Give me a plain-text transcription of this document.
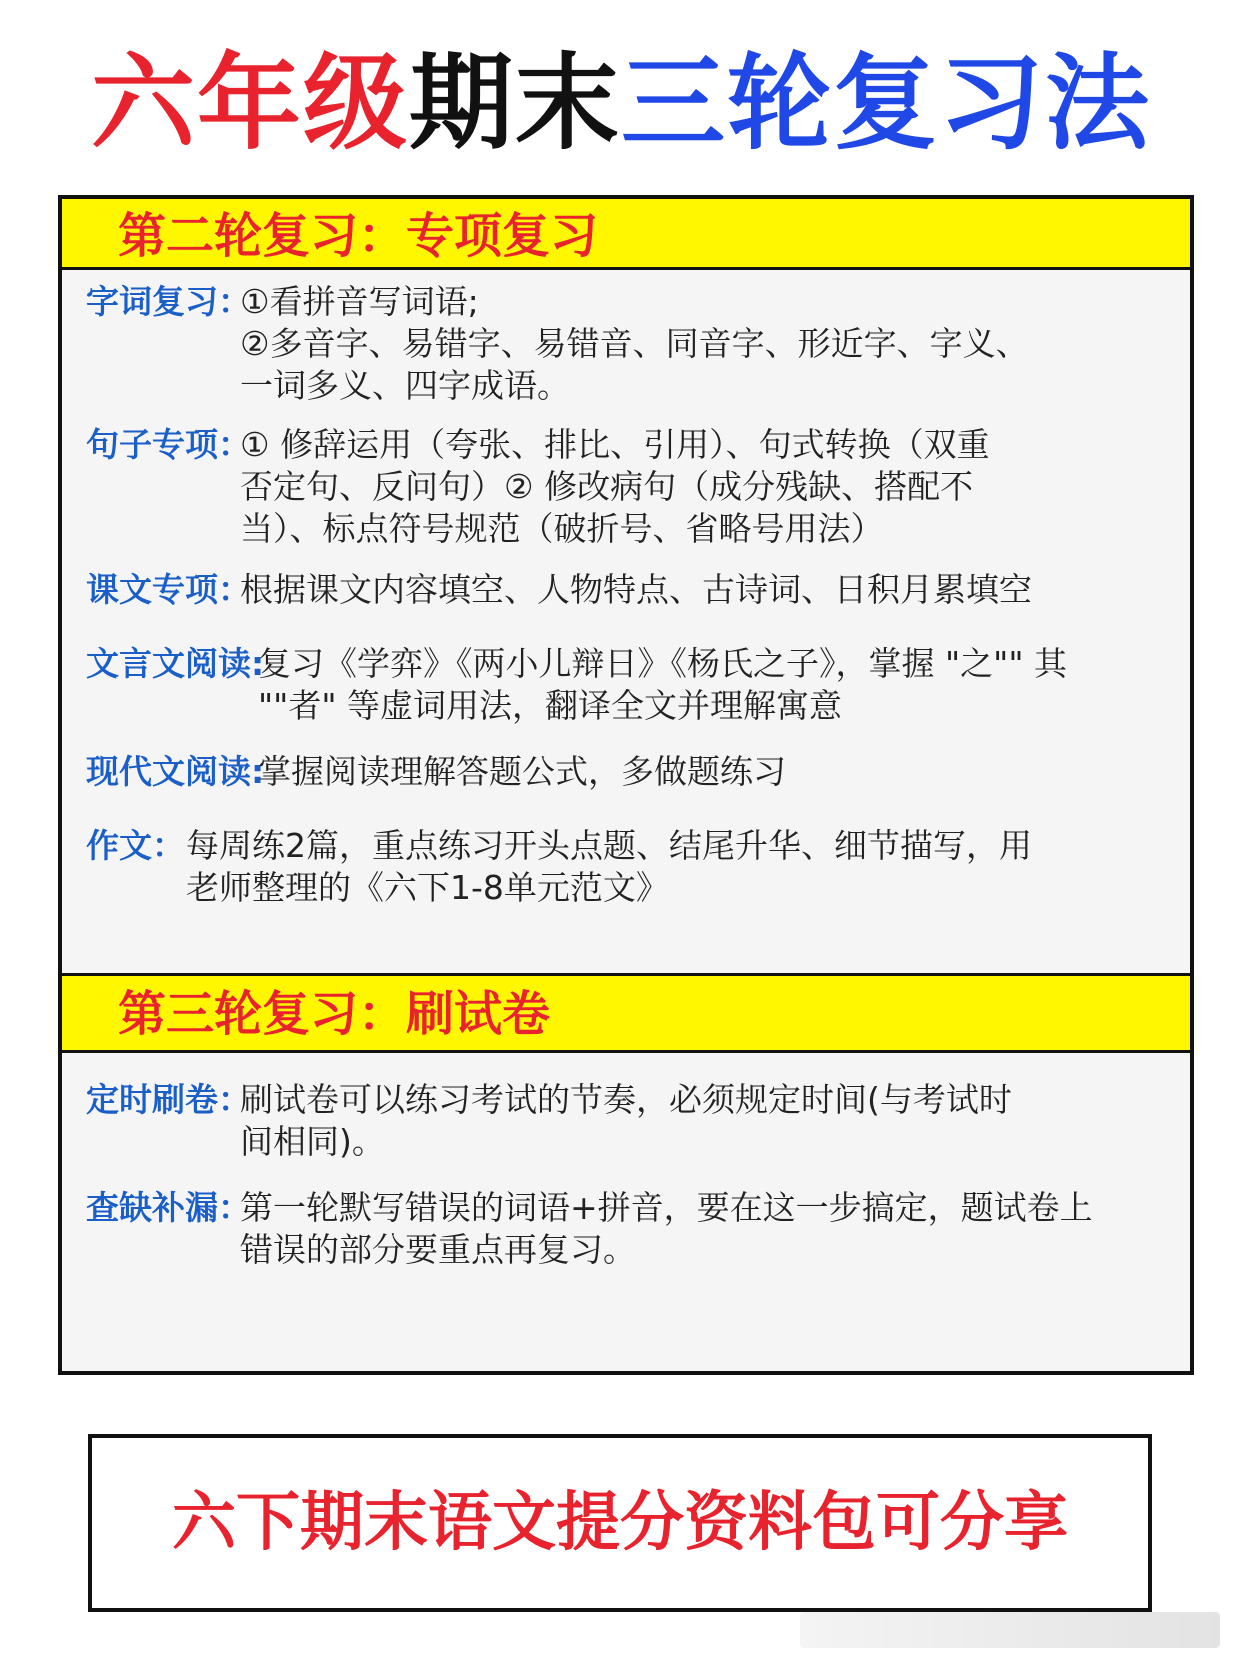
六年级期末三轮复习法
第二轮复习：专项复习
字词复习：
①看拼音写词语;
②多音字、易错字、易错音、同音字、形近字、字义、
一词多义、四字成语。
句子专项：
① 修辞运用（夸张、排比、引用）、句式转换（双重
否定句、反问句）② 修改病句（成分残缺、搭配不
当）、标点符号规范（破折号、省略号用法）
课文专项：
根据课文内容填空、人物特点、古诗词、日积月累填空
文言文阅读:
复习《学弈》《两小儿辩日》《杨氏之子》，掌握 "之"" 其
""者" 等虚词用法，翻译全文并理解寓意
现代文阅读:
掌握阅读理解答题公式，多做题练习
作文： 每周练2篇，重点练习开头点题、结尾升华、细节描写，用
老师整理的《六下1-8单元范文》
第三轮复习：刷试卷
定时刷卷：
刷试卷可以练习考试的节奏，必须规定时间(与考试时
间相同)。
查缺补漏：
第一轮默写错误的词语+拼音，要在这一步搞定，题试卷上
错误的部分要重点再复习。
六下期末语文提分资料包可分享
